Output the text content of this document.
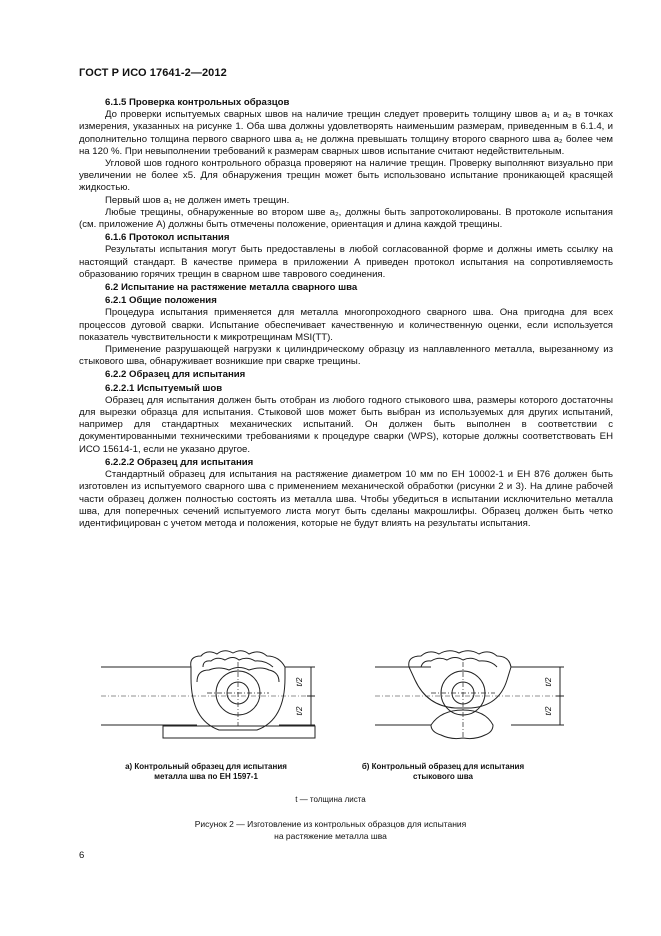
ГОСТ Р ИСО 17641-2—2012

6.1.5 Проверка контрольных образцов

До проверки испытуемых сварных швов на наличие трещин следует проверить толщину швов a₁ и a₂ в точках измерения, указанных на рисунке 1. Оба шва должны удовлетворять наименьшим размерам, приведенным в 6.1.4, и дополнительно толщина первого сварного шва a₁ не должна превышать толщину второго сварного шва a₂ более чем на 120 %. При невыполнении требований к размерам сварных швов испытание считают недействительным.

Угловой шов годного контрольного образца проверяют на наличие трещин. Проверку выполняют визуально при увеличении не более х5. Для обнаружения трещин может быть использовано испытание проникающей красящей жидкостью.

Первый шов a₁ не должен иметь трещин.

Любые трещины, обнаруженные во втором шве a₂, должны быть запротоколированы. В протоколе испытания (см. приложение А) должны быть отмечены положение, ориентация и длина каждой трещины.

6.1.6 Протокол испытания

Результаты испытания могут быть предоставлены в любой согласованной форме и должны иметь ссылку на настоящий стандарт. В качестве примера в приложении А приведен протокол испытания на сопротивляемость образованию горячих трещин в сварном шве таврового соединения.

6.2 Испытание на растяжение металла сварного шва

6.2.1 Общие положения

Процедура испытания применяется для металла многопроходного сварного шва. Она пригодна для всех процессов дуговой сварки. Испытание обеспечивает качественную и количественную оценки, если используется показатель чувствительности к микротрещинам MSI(TT).

Применение разрушающей нагрузки к цилиндрическому образцу из наплавленного металла, вырезанному из стыкового шва, обнаруживает возникшие при сварке трещины.

6.2.2 Образец для испытания

6.2.2.1 Испытуемый шов

Образец для испытания должен быть отобран из любого годного стыкового шва, размеры которого достаточны для вырезки образца для испытания. Стыковой шов может быть выбран из используемых для других испытаний, например для стандартных механических испытаний. Он должен быть выполнен в соответствии с документированными техническими требованиями к процедуре сварки (WPS), которые должны соответствовать ЕН ИСО 15614-1, если не указано другое.

6.2.2.2 Образец для испытания

Стандартный образец для испытания на растяжение диаметром 10 мм по ЕН 10002-1 и ЕН 876 должен быть изготовлен из испытуемого сварного шва с применением механической обработки (рисунки 2 и 3). На длине рабочей части образец должен полностью состоять из металла шва. Чтобы убедиться в испытании исключительно металла шва, для поперечных сечений испытуемого листа могут быть сделаны макрошлифы. Образец должен быть четко идентифицирован с учетом метода и положения, которые не будут влиять на результаты испытания.

t/2
t/2
t/2
t/2
а) Контрольный образец для испытания металла шва по ЕН 1597-1
б) Контрольный образец для испытания стыкового шва
t — толщина листа
Рисунок 2 — Изготовление из контрольных образцов для испытания
на растяжение металла шва
6
